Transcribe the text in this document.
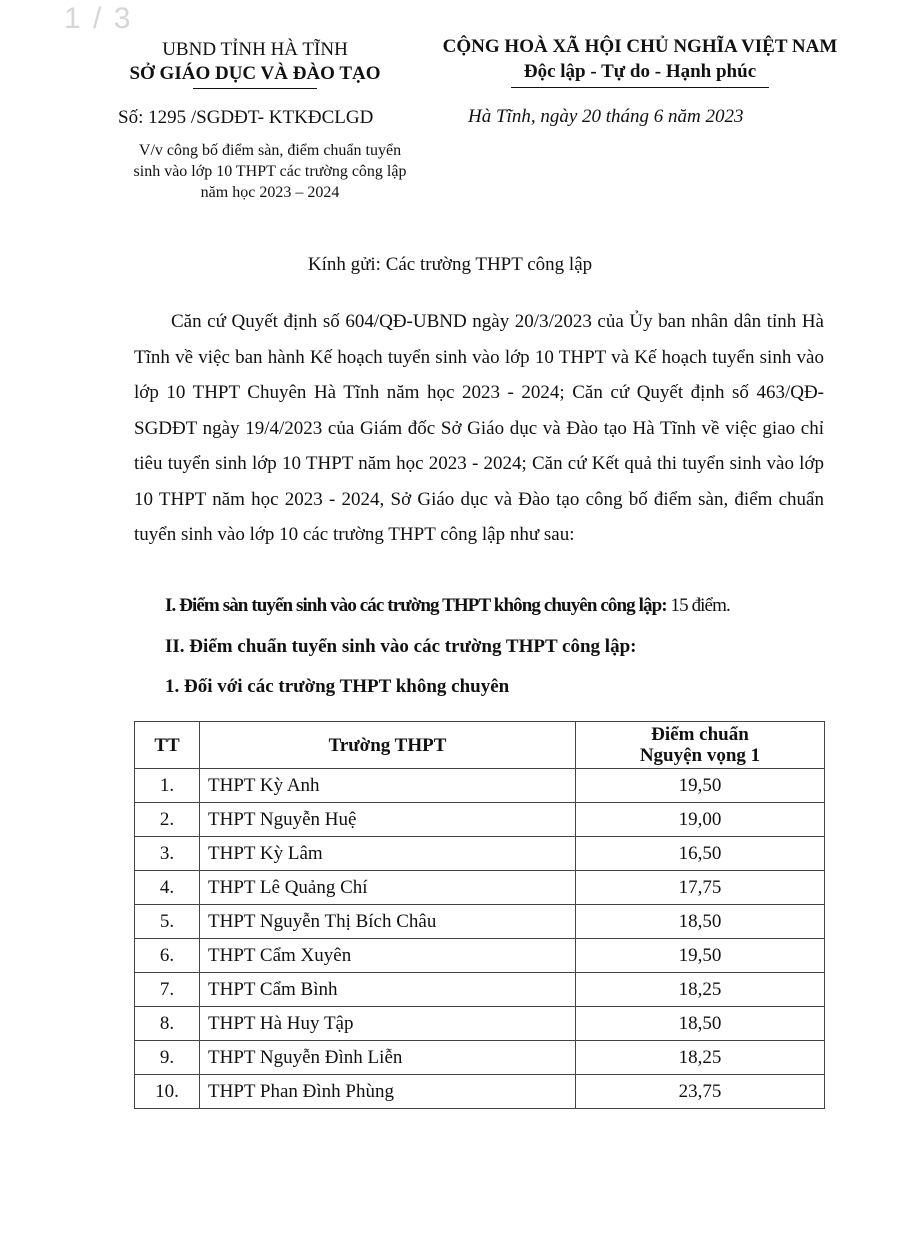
1 / 3
UBND TỈNH HÀ TĨNH
SỞ GIÁO DỤC VÀ ĐÀO TẠO
CỘNG HOÀ XÃ HỘI CHỦ NGHĨA VIỆT NAM
Độc lập - Tự do - Hạnh phúc
Số: 1295 /SGDĐT- KTKĐCLGD	Hà Tĩnh, ngày 20 tháng 6 năm 2023
V/v công bố điểm sàn, điểm chuẩn tuyển
sinh vào lớp 10 THPT các trường công lập
năm học 2023 – 2024
Kính gửi: Các trường THPT công lập

Căn cứ Quyết định số 604/QĐ-UBND ngày 20/3/2023 của Ủy ban nhân dân tỉnh Hà Tĩnh về việc ban hành Kế hoạch tuyển sinh vào lớp 10 THPT và Kế hoạch tuyển sinh vào lớp 10 THPT Chuyên Hà Tĩnh năm học 2023 - 2024; Căn cứ Quyết định số 463/QĐ-SGDĐT ngày 19/4/2023 của Giám đốc Sở Giáo dục và Đào tạo Hà Tĩnh về việc giao chỉ tiêu tuyển sinh lớp 10 THPT năm học 2023 - 2024; Căn cứ Kết quả thi tuyển sinh vào lớp 10 THPT năm học 2023 - 2024, Sở Giáo dục và Đào tạo công bố điểm sàn, điểm chuẩn tuyển sinh vào lớp 10 các trường THPT công lập như sau:

I. Điểm sàn tuyển sinh vào các trường THPT không chuyên công lập: 15 điểm.
II. Điểm chuẩn tuyển sinh vào các trường THPT công lập:
1. Đối với các trường THPT không chuyên
TT	Trường THPT	Điểm chuẩn
Nguyện vọng 1

1.	THPT Kỳ Anh	19,50
2.	THPT Nguyễn Huệ	19,00
3.	THPT Kỳ Lâm	16,50
4.	THPT Lê Quảng Chí	17,75
5.	THPT Nguyễn Thị Bích Châu	18,50
6.	THPT Cẩm Xuyên	19,50
7.	THPT Cẩm Bình	18,25
8.	THPT Hà Huy Tập	18,50
9.	THPT Nguyễn Đình Liễn	18,25
10.	THPT Phan Đình Phùng	23,75
